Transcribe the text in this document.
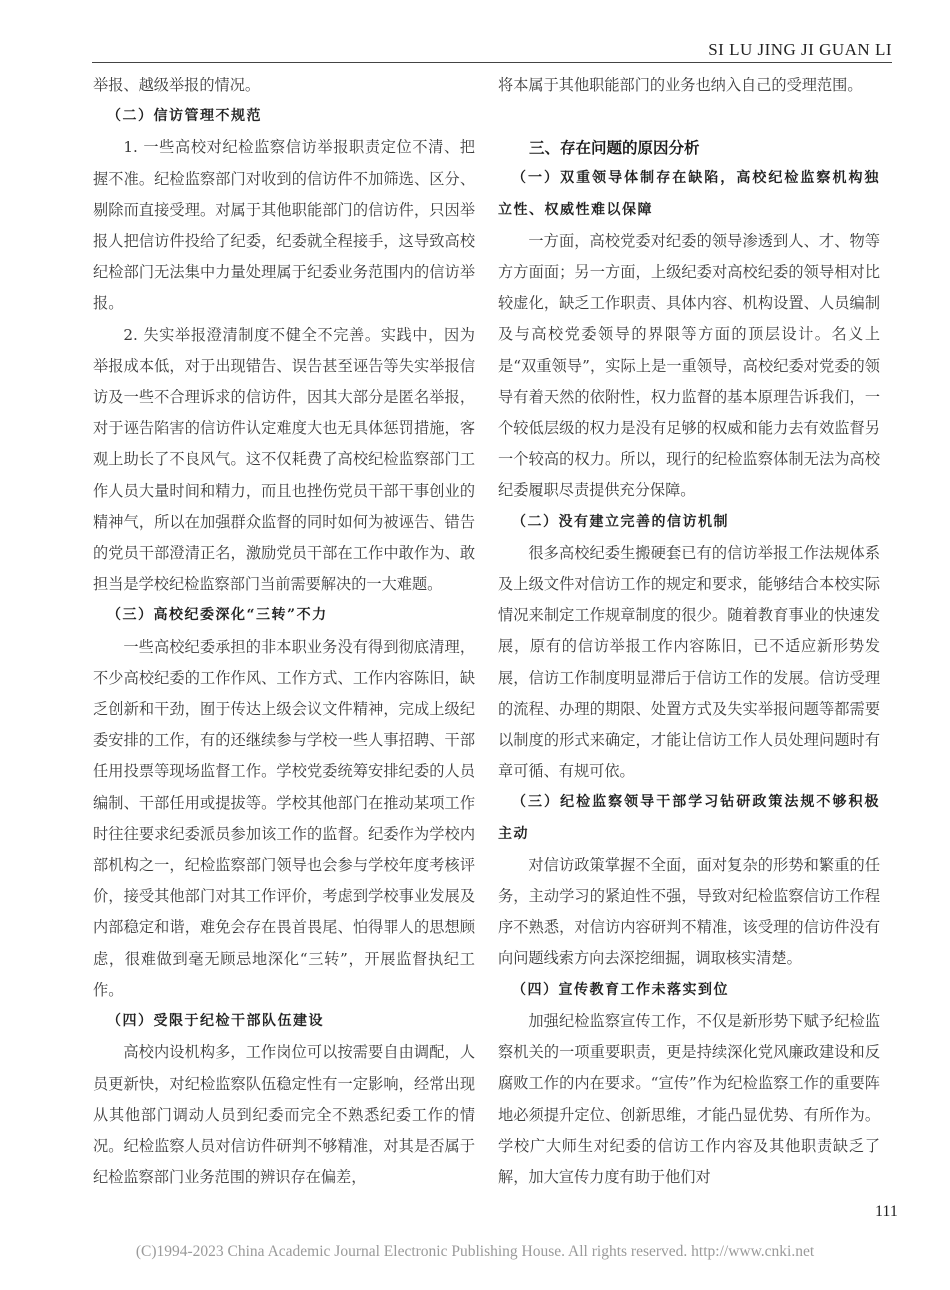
SI LU JING JI GUAN LI

举报、越级举报的情况。

（二）信访管理不规范

1. 一些高校对纪检监察信访举报职责定位不清、把握不准。纪检监察部门对收到的信访件不加筛选、区分、剔除而直接受理。对属于其他职能部门的信访件，只因举报人把信访件投给了纪委，纪委就全程接手，这导致高校纪检部门无法集中力量处理属于纪委业务范围内的信访举报。

2. 失实举报澄清制度不健全不完善。实践中，因为举报成本低，对于出现错告、误告甚至诬告等失实举报信访及一些不合理诉求的信访件，因其大部分是匿名举报，对于诬告陷害的信访件认定难度大也无具体惩罚措施，客观上助长了不良风气。这不仅耗费了高校纪检监察部门工作人员大量时间和精力，而且也挫伤党员干部干事创业的精神气，所以在加强群众监督的同时如何为被诬告、错告的党员干部澄清正名，激励党员干部在工作中敢作为、敢担当是学校纪检监察部门当前需要解决的一大难题。

（三）高校纪委深化“三转”不力

一些高校纪委承担的非本职业务没有得到彻底清理，不少高校纪委的工作作风、工作方式、工作内容陈旧，缺乏创新和干劲，囿于传达上级会议文件精神，完成上级纪委安排的工作，有的还继续参与学校一些人事招聘、干部任用投票等现场监督工作。学校党委统筹安排纪委的人员编制、干部任用或提拔等。学校其他部门在推动某项工作时往往要求纪委派员参加该工作的监督。纪委作为学校内部机构之一，纪检监察部门领导也会参与学校年度考核评价，接受其他部门对其工作评价，考虑到学校事业发展及内部稳定和谐，难免会存在畏首畏尾、怕得罪人的思想顾虑，很难做到毫无顾忌地深化“三转”，开展监督执纪工作。

（四）受限于纪检干部队伍建设

高校内设机构多，工作岗位可以按需要自由调配，人员更新快，对纪检监察队伍稳定性有一定影响，经常出现从其他部门调动人员到纪委而完全不熟悉纪委工作的情况。纪检监察人员对信访件研判不够精准，对其是否属于纪检监察部门业务范围的辨识存在偏差，

将本属于其他职能部门的业务也纳入自己的受理范围。

三、存在问题的原因分析

（一）双重领导体制存在缺陷，高校纪检监察机构独立性、权威性难以保障

一方面，高校党委对纪委的领导渗透到人、才、物等方方面面；另一方面，上级纪委对高校纪委的领导相对比较虚化，缺乏工作职责、具体内容、机构设置、人员编制及与高校党委领导的界限等方面的顶层设计。名义上是“双重领导”，实际上是一重领导，高校纪委对党委的领导有着天然的依附性，权力监督的基本原理告诉我们，一个较低层级的权力是没有足够的权威和能力去有效监督另一个较高的权力。所以，现行的纪检监察体制无法为高校纪委履职尽责提供充分保障。

（二）没有建立完善的信访机制

很多高校纪委生搬硬套已有的信访举报工作法规体系及上级文件对信访工作的规定和要求，能够结合本校实际情况来制定工作规章制度的很少。随着教育事业的快速发展，原有的信访举报工作内容陈旧，已不适应新形势发展，信访工作制度明显滞后于信访工作的发展。信访受理的流程、办理的期限、处置方式及失实举报问题等都需要以制度的形式来确定，才能让信访工作人员处理问题时有章可循、有规可依。

（三）纪检监察领导干部学习钻研政策法规不够积极主动

对信访政策掌握不全面，面对复杂的形势和繁重的任务，主动学习的紧迫性不强，导致对纪检监察信访工作程序不熟悉，对信访内容研判不精准，该受理的信访件没有向问题线索方向去深挖细掘，调取核实清楚。

（四）宣传教育工作未落实到位

加强纪检监察宣传工作，不仅是新形势下赋予纪检监察机关的一项重要职责，更是持续深化党风廉政建设和反腐败工作的内在要求。“宣传”作为纪检监察工作的重要阵地必须提升定位、创新思维，才能凸显优势、有所作为。学校广大师生对纪委的信访工作内容及其他职责缺乏了解，加大宣传力度有助于他们对

111
(C)1994-2023 China Academic Journal Electronic Publishing House. All rights reserved. http://www.cnki.net
